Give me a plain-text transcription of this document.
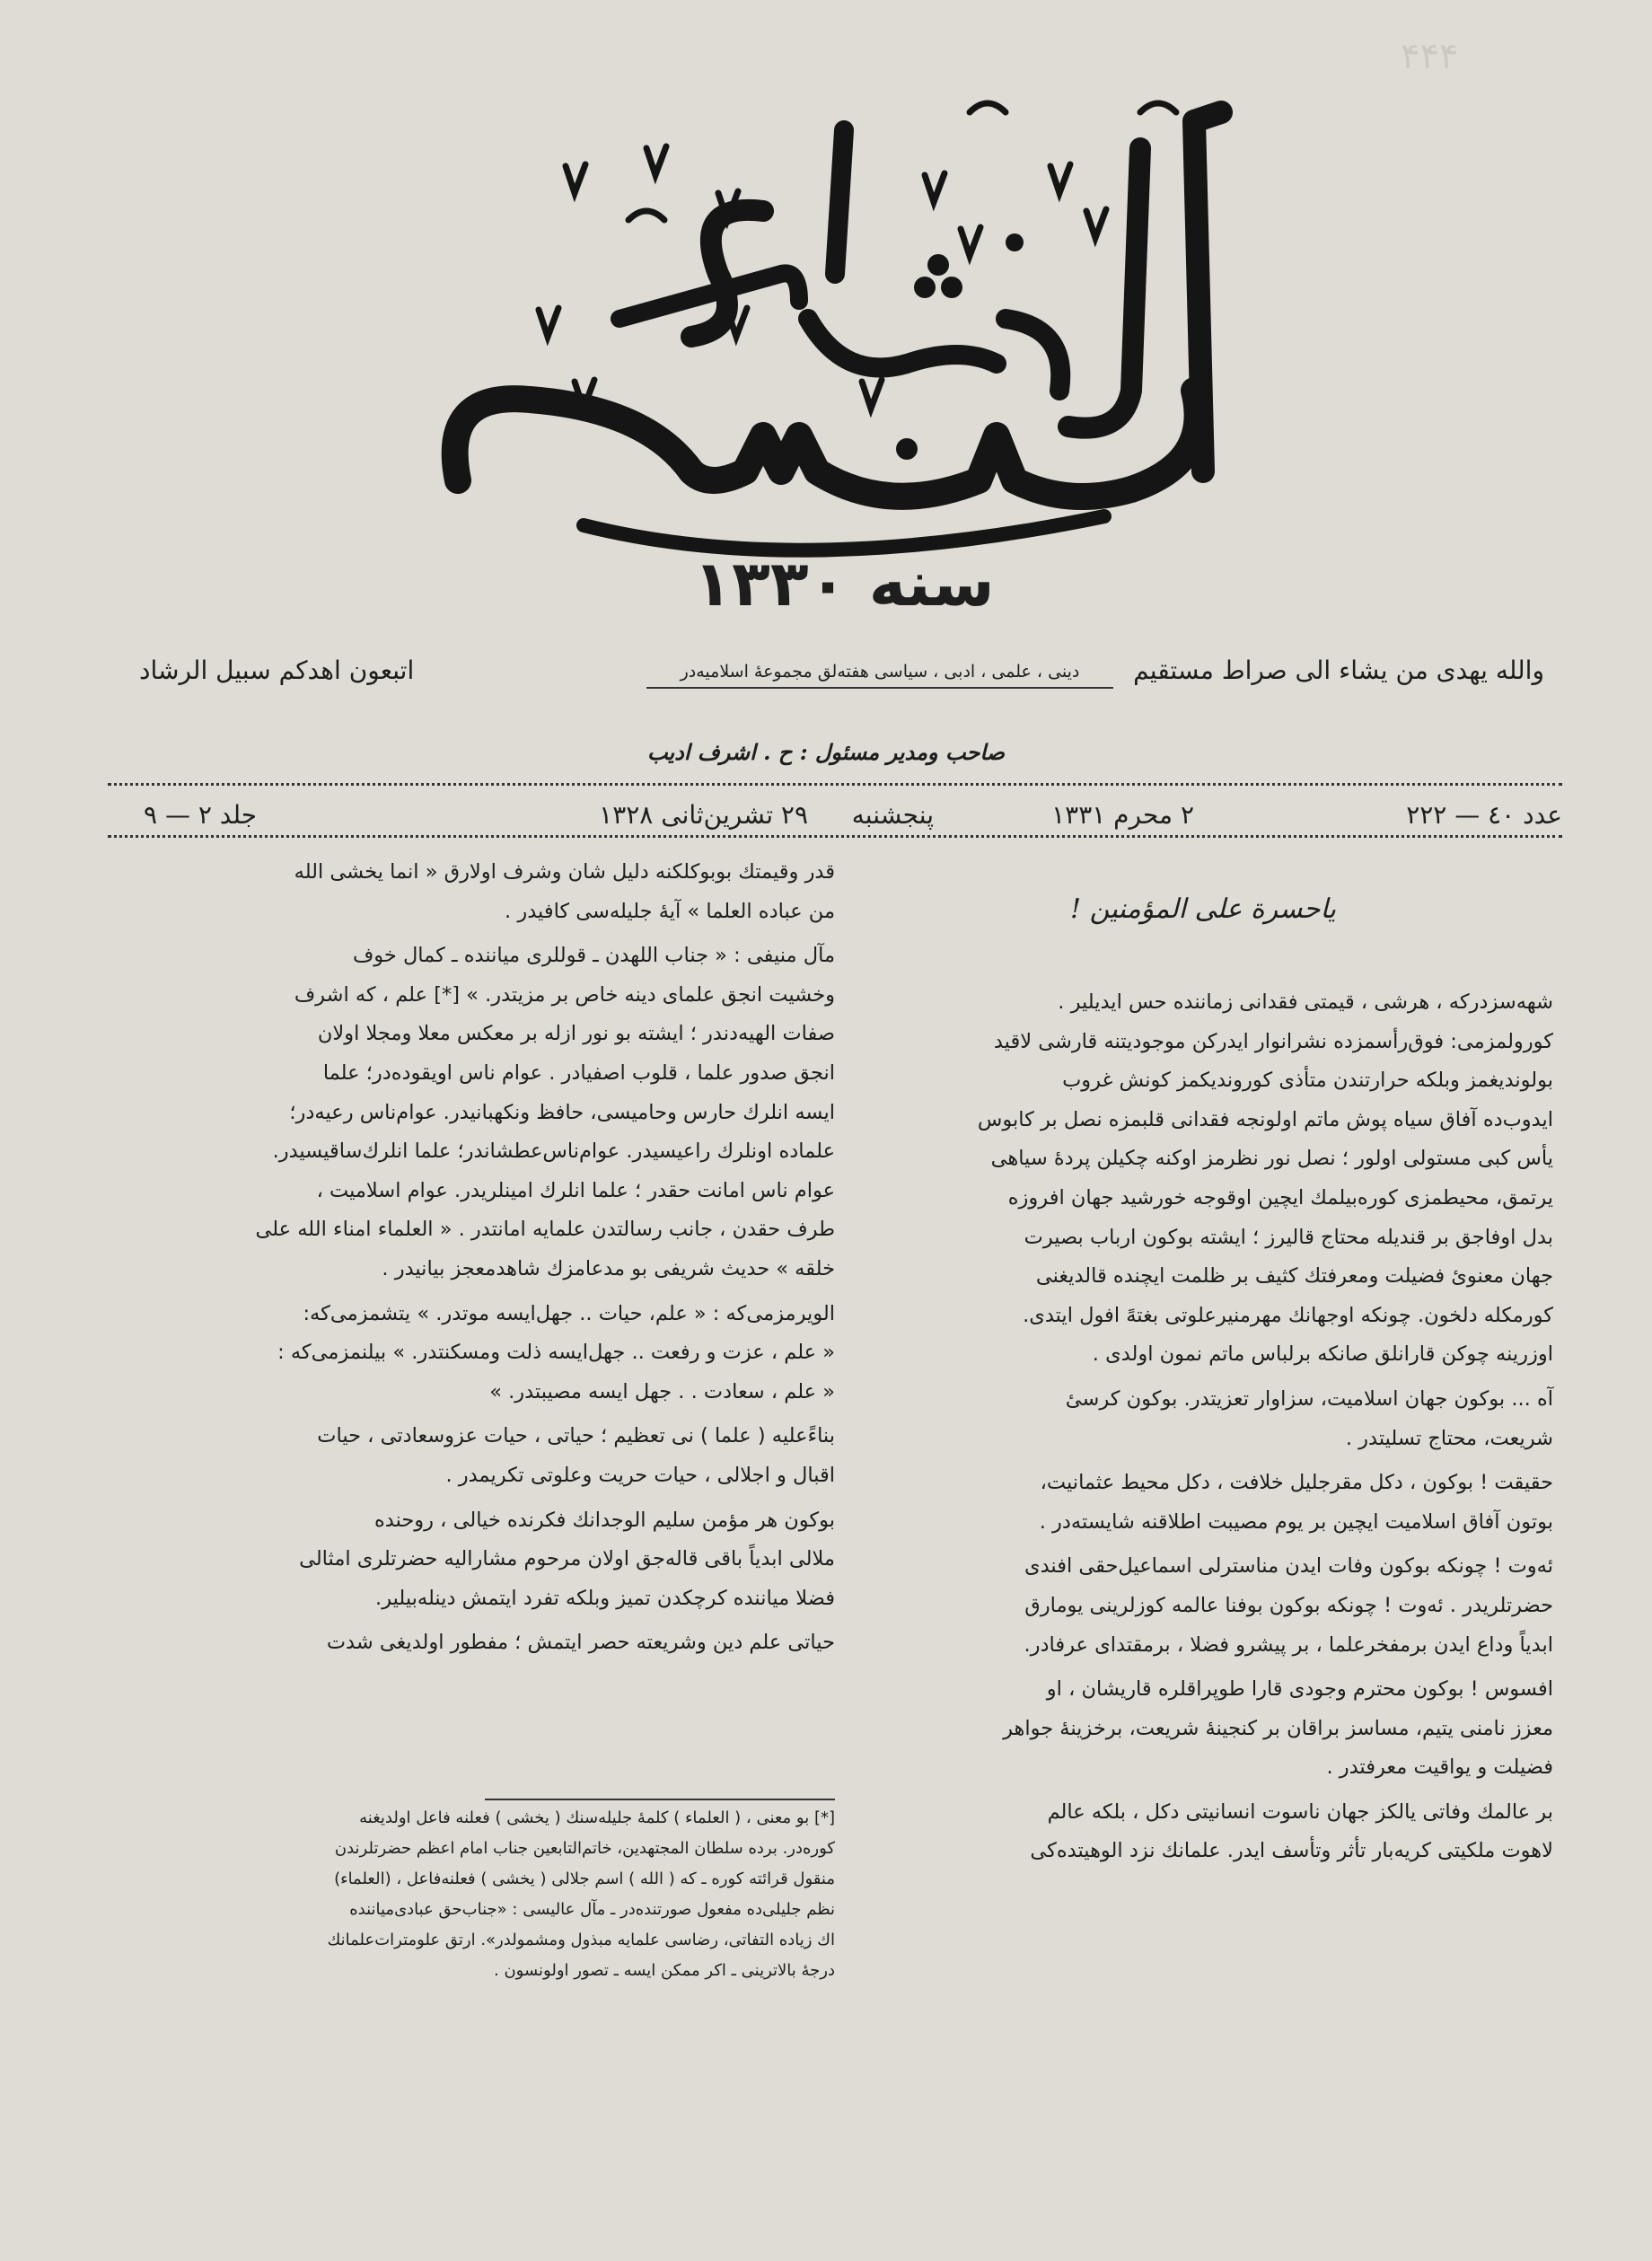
۴۴۴
سنه ١٣٣٠
والله يهدى من يشاء الى صراط مستقيم
دینی ، علمی ، ادبی ، سیاسی هفته‌لق مجموعهٔ اسلامیه‌در
اتبعون اهدكم سبيل الرشاد
صاحب ومدیر مسئول : ح . اشرف ادیب
عدد ٤٠ — ٢٢٢
٢ محرم ١٣٣١
پنجشنبه
٢٩ تشرین‌ثانی ١٣٢٨
جلد ٢ — ٩
یاحسرة علی المؤمنین !

شهه‌سزدرکه ، هرشی ، قیمتی فقدانی زماننده حس ایدیلیر .

کورولمزمی: فوق‌رأسمزده نشرانوار ایدرکن موجودیتنه قارشی لاقید

بولوندیغمز وبلکه حرارتندن متأذی کوروندیکمز کونش غروب

ایدوب‌ده آفاق سیاه پوش ماتم اولونجه فقدانی قلبمزه نصل بر کابوس

یأس کبی مستولی اولور ؛ نصل نور نظرمز اوکنه چکیلن پردهٔ سیاهی

یرتمق، محیطمزی کوره‌بیلمك ایچین اوقوجه خورشید جهان افروزه

بدل اوفاجق بر قندیله محتاج قالیرز ؛ ایشته بوکون ارباب بصیرت

جهان معنویٔ فضیلت ومعرفتك کثیف بر ظلمت ایچنده قالدیغنی

کورمکله دلخون. چونکه اوجهانك مهرمنیرعلوتی بغتهً افول ایتدی.

اوزرینه چوکن قارانلق صانکه برلباس ماتم نمون اولدی .

آه ... بوکون جهان اسلامیت، سزاوار تعزیتدر. بوکون کرسیٔ

شریعت، محتاج تسلیتدر .

حقیقت ! بوکون ، دکل مقرجلیل خلافت ، دکل محیط عثمانیت،

بوتون آفاق اسلامیت ایچین بر یوم مصیبت اطلاقنه شایسته‌در .

ئه‌وت ! چونکه بوکون وفات ایدن مناسترلی اسماعیل‌حقی افندی

حضرتلریدر . ئه‌وت ! چونکه بوکون بوفنا عالمه کوزلرینی یومارق

ابدیاً وداع ایدن برمفخرعلما ، بر پیشرو فضلا ، برمقتدای عرفادر.

افسوس ! بوکون محترم وجودی قارا طوپراقلره قاریشان ، او

معزز نامنی یتیم، مساسز براقان بر کنجینهٔ شریعت، برخزینهٔ جواهر

فضیلت و یواقیت معرفتدر .

بر عالمك وفاتی یالکز جهان ناسوت انسانیتی دکل ، بلکه عالم

لاهوت ملکیتی کریه‌بار تأثر وتأسف ایدر. علمانك نزد الوهیتده‌کی

قدر وقیمتك بوبوکلکنه دلیل شان وشرف اولارق « انما یخشی الله

من عباده العلما » آیهٔ جلیله‌سی کافیدر .

مآل منیفی : « جناب اللهدن ـ قوللری میاننده ـ کمال خوف

وخشیت انجق علمای دینه خاص بر مزیتدر. » [*] علم ، که اشرف

صفات الهیه‌دندر ؛ ایشته بو نور ازله بر معکس معلا ومجلا اولان

انجق صدور علما ، قلوب اصفیادر . عوام ناس اویقوده‌در؛ علما

ایسه انلرك حارس وحامیسی، حافظ ونکهبانیدر. عوام‌ناس رعیه‌در؛

علماده اونلرك راعیسیدر. عوام‌ناس‌عطشاندر؛ علما انلرك‌ساقیسیدر.

عوام ناس امانت حقدر ؛ علما انلرك امینلریدر. عوام اسلامیت ،

طرف حقدن ، جانب رسالتدن علمایه امانتدر . « العلماء امناء الله علی

خلقه » حدیث شریفی بو مدعامزك شاهدمعجز بیانیدر .

الویرمزمی‌که : « علم، حیات .. جهل‌ایسه موتدر. » یتشمزمی‌که:

« علم ، عزت و رفعت .. جهل‌ایسه ذلت ومسکنتدر. » بیلنمزمی‌که :

« علم ، سعادت . . جهل ایسه مصیبتدر. »

بناءً‌علیه ( علما ) نی تعظیم ؛ حیاتی ، حیات عزوسعادتی ، حیات

اقبال و اجلالی ، حیات حریت وعلوتی تکریمدر .

بوکون هر مؤمن سلیم الوجدانك فکرنده خیالی ، روحنده

ملالی ابدیاً باقی قاله‌جق اولان مرحوم مشارالیه حضرتلری امثالی

فضلا میاننده کرچکدن تمیز وبلکه تفرد ایتمش دینله‌بیلیر.

حیاتی علم دین وشریعته حصر ایتمش ؛ مفطور اولدیغی شدت

[*] بو معنی ، ( العلماء ) کلمهٔ جلیله‌سنك ( یخشی ) فعلنه فاعل اولدیغنه

کوره‌در. برده سلطان المجتهدین، خاتم‌التابعین جناب امام اعظم حضرتلرندن

منقول قرائته کوره ـ که ( الله ) اسم جلالی ( یخشی ) فعلنه‌فاعل ، (العلماء)

نظم جلیلی‌ده مفعول صورتنده‌در ـ مآل عالیسی : «جناب‌حق عبادی‌میاننده

اك زیاده التفاتی، رضاسی علمایه مبذول ومشمولدر». ارتق علومترات‌علمانك

درجهٔ بالاترینی ـ اکر ممکن ایسه ـ تصور اولونسون .
